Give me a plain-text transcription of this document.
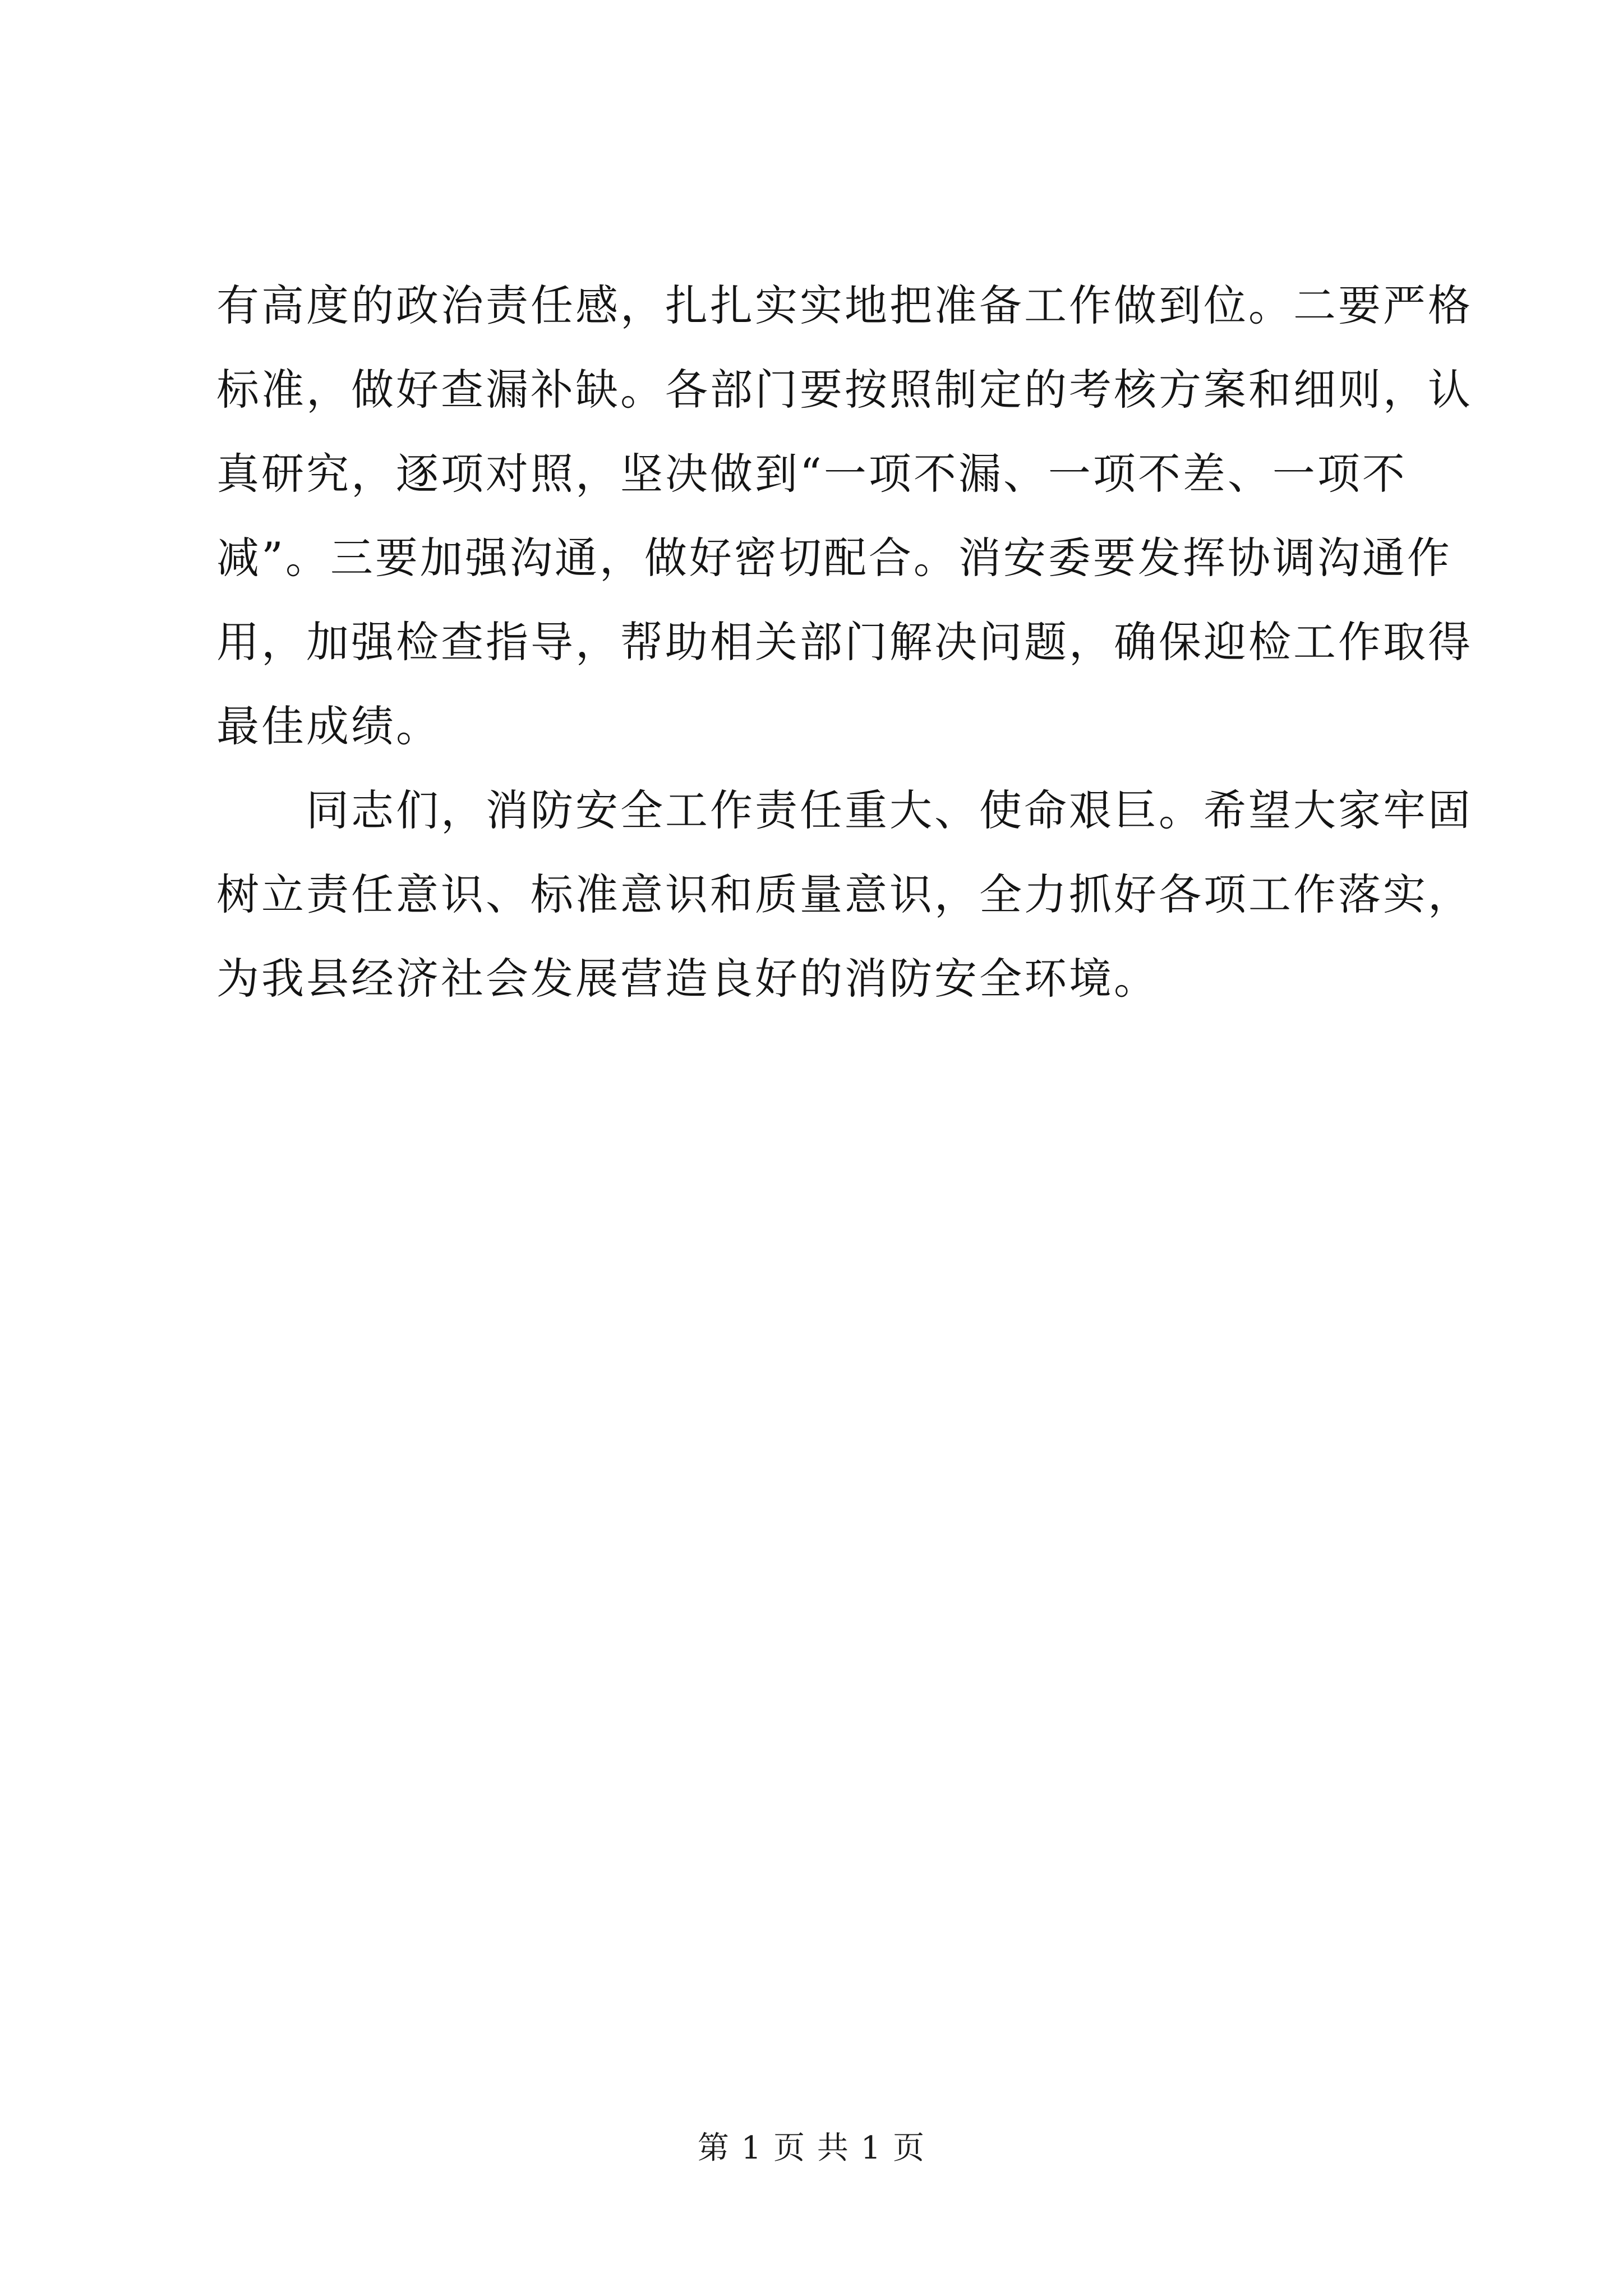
有高度的政治责任感，扎扎实实地把准备工作做到位。二要严格
标准，做好查漏补缺。各部门要按照制定的考核方案和细则，认
真研究，逐项对照，坚决做到“一项不漏、一项不差、一项不
减”。三要加强沟通，做好密切配合。消安委要发挥协调沟通作
用，加强检查指导，帮助相关部门解决问题，确保迎检工作取得
最佳成绩。
　　同志们，消防安全工作责任重大、使命艰巨。希望大家牢固
树立责任意识、标准意识和质量意识，全力抓好各项工作落实，
为我县经济社会发展营造良好的消防安全环境。
第 1 页 共 1 页
